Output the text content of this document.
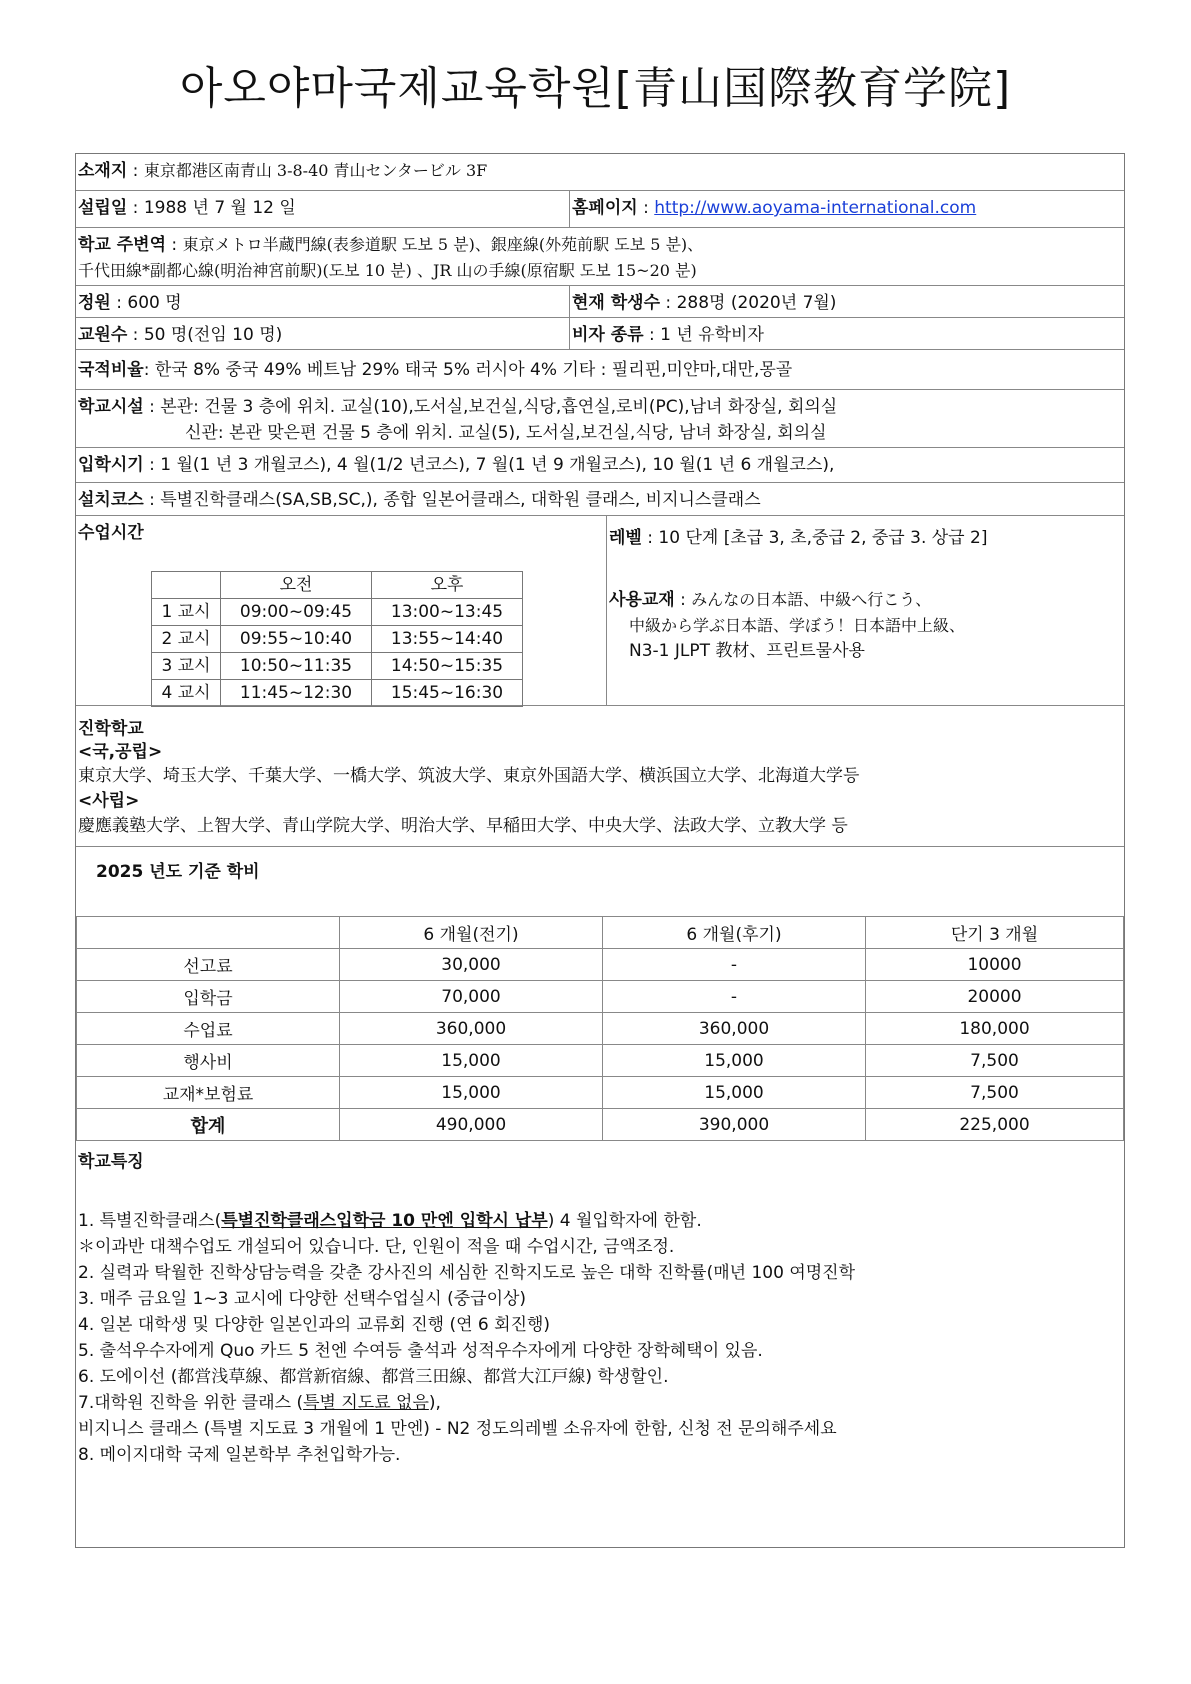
아오야마국제교육학원[青山国際教育学院]
소재지 : 東京都港区南青山 3-8-40 青山センタービル 3F
설립일 : 1988 년 7 월 12 일	홈페이지 : http://www.aoyama-international.com
학교 주변역 : 東京メトロ半蔵門線(表参道駅 도보 5 분)、銀座線(外苑前駅 도보 5 분)、
千代田線*副都心線(明治神宮前駅)(도보 10 분) 、JR 山の手線(原宿駅 도보 15~20 분)
정원 : 600 명	현재 학생수 : 288명 (2020년 7월)
교원수 : 50 명(전임 10 명)	비자 종류 : 1 년 유학비자
국적비율: 한국 8% 중국 49% 베트남 29% 태국 5% 러시아 4% 기타 : 필리핀,미얀마,대만,몽골
학교시설 : 본관: 건물 3 층에 위치. 교실(10),도서실,보건실,식당,흡연실,로비(PC),남녀 화장실, 회의실
신관: 본관 맞은편 건물 5 층에 위치. 교실(5), 도서실,보건실,식당, 남녀 화장실, 회의실
입학시기 : 1 월(1 년 3 개월코스), 4 월(1/2 년코스), 7 월(1 년 9 개월코스), 10 월(1 년 6 개월코스),
설치코스 : 특별진학클래스(SA,SB,SC,), 종합 일본어클래스, 대학원 클래스, 비지니스클래스
수업시간
	오전	오후
1 교시	09:00~09:45	13:00~13:45
2 교시	09:55~10:40	13:55~14:40
3 교시	10:50~11:35	14:50~15:35
4 교시	11:45~12:30	15:45~16:30
레벨 : 10 단계 [초급 3, 초,중급 2, 중급 3. 상급 2]
사용교재 : みんなの日本語、中級へ行こう、
中級から学ぶ日本語、学ぼう！日本語中上級、
N3-1 JLPT 教材、프린트물사용
진학학교
<국,공립>
東京大学、埼玉大学、千葉大学、一橋大学、筑波大学、東京外国語大学、横浜国立大学、北海道大学등
<사립>
慶應義塾大学、上智大学、青山学院大学、明治大学、早稲田大学、中央大学、法政大学、立教大学 등
2025 년도 기준 학비
	6 개월(전기)	6 개월(후기)	단기 3 개월
선고료	30,000	-	10000
입학금	70,000	-	20000
수업료	360,000	360,000	180,000
행사비	15,000	15,000	7,500
교재*보험료	15,000	15,000	7,500
합계	490,000	390,000	225,000
학교특징
1. 특별진학클래스(특별진학클래스입학금 10 만엔 입학시 납부) 4 월입학자에 한함.
＊이과반 대책수업도 개설되어 있습니다. 단, 인원이 적을 때 수업시간, 금액조정.
2. 실력과 탁월한 진학상담능력을 갖춘 강사진의 세심한 진학지도로 높은 대학 진학률(매년 100 여명진학
3. 매주 금요일 1~3 교시에 다양한 선택수업실시 (중급이상)
4. 일본 대학생 및 다양한 일본인과의 교류회 진행 (연 6 회진행)
5. 출석우수자에게 Quo 카드 5 천엔 수여등 출석과 성적우수자에게 다양한 장학혜택이 있음.
6. 도에이선 (都営浅草線、都営新宿線、都営三田線、都営大江戸線) 학생할인.
7.대학원 진학을 위한 클래스 (특별 지도료 없음),
비지니스 클래스 (특별 지도료 3 개월에 1 만엔) - N2 정도의레벨 소유자에 한함, 신청 전 문의해주세요
8. 메이지대학 국제 일본학부 추천입학가능.
